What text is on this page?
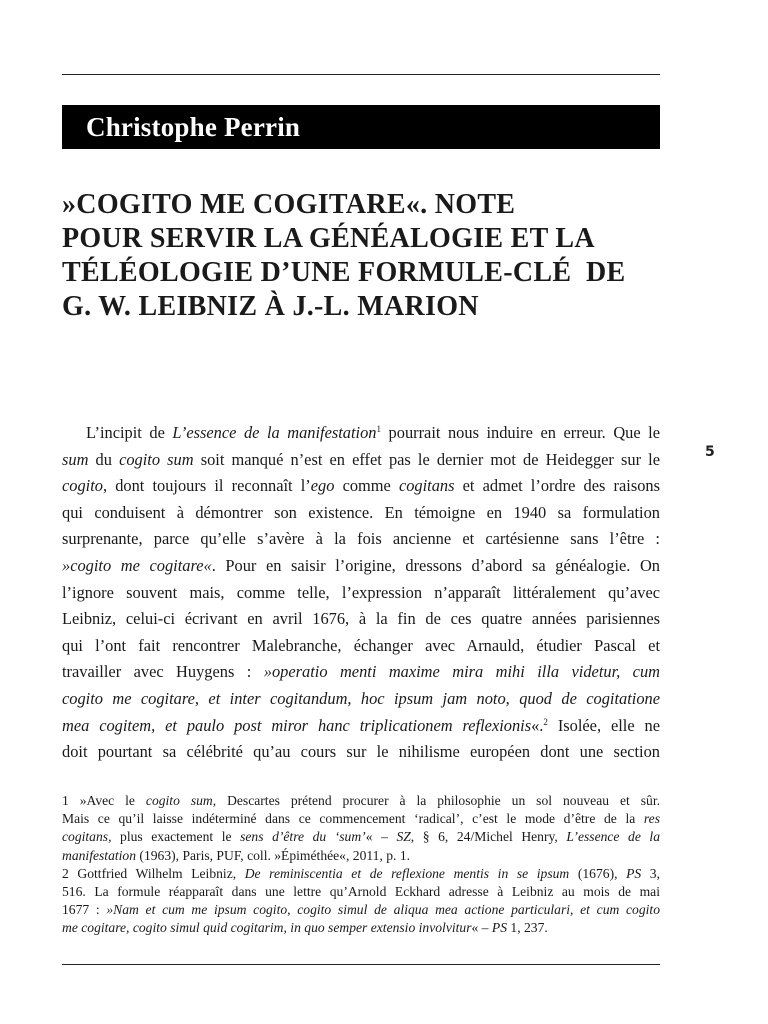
Christophe Perrin
»COGITO ME COGITARE«. NOTE
POUR SERVIR LA GÉNÉALOGIE ET LA
TÉLÉOLOGIE D’UNE FORMULE-CLÉ  DE
G. W. LEIBNIZ À J.-L. MARION
5
L’incipit de L’essence de la manifestation$^1$ pourrait nous induire en erreur. Que le
sum du cogito sum soit manqué n’est en effet pas le dernier mot de Heidegger sur le
cogito, dont toujours il reconnaît l’ego comme cogitans et admet l’ordre des raisons
qui conduisent à démontrer son existence. En témoigne en 1940 sa formulation
surprenante, parce qu’elle s’avère à la fois ancienne et cartésienne sans l’être :
»cogito me cogitare«. Pour en saisir l’origine, dressons d’abord sa généalogie. On
l’ignore souvent mais, comme telle, l’expression n’apparaît littéralement qu’avec
Leibniz, celui-ci écrivant en avril 1676, à la fin de ces quatre années parisiennes
qui l’ont fait rencontrer Malebranche, échanger avec Arnauld, étudier Pascal et
travailler avec Huygens : »operatio menti maxime mira mihi illa videtur, cum
cogito me cogitare, et inter cogitandum, hoc ipsum jam noto, quod de cogitatione
mea cogitem, et paulo post miror hanc triplicationem reflexionis«.$^2$ Isolée, elle ne
doit pourtant sa célébrité qu’au cours sur le nihilisme européen dont une section
1 »Avec le cogito sum, Descartes prétend procurer à la philosophie un sol nouveau et sûr.
Mais ce qu’il laisse indéterminé dans ce commencement ‘radical’, c’est le mode d’être de la res
cogitans, plus exactement le sens d’être du ‘sum’« – SZ, § 6, 24/Michel Henry, L’essence de la
manifestation (1963), Paris, PUF, coll. »Épiméthée«, 2011, p. 1.
2 Gottfried Wilhelm Leibniz, De reminiscentia et de reflexione mentis in se ipsum (1676), PS 3,
516. La formule réapparaît dans une lettre qu’Arnold Eckhard adresse à Leibniz au mois de mai
1677 : »Nam et cum me ipsum cogito, cogito simul de aliqua mea actione particulari, et cum cogito
me cogitare, cogito simul quid cogitarim, in quo semper extensio involvitur« – PS 1, 237.
